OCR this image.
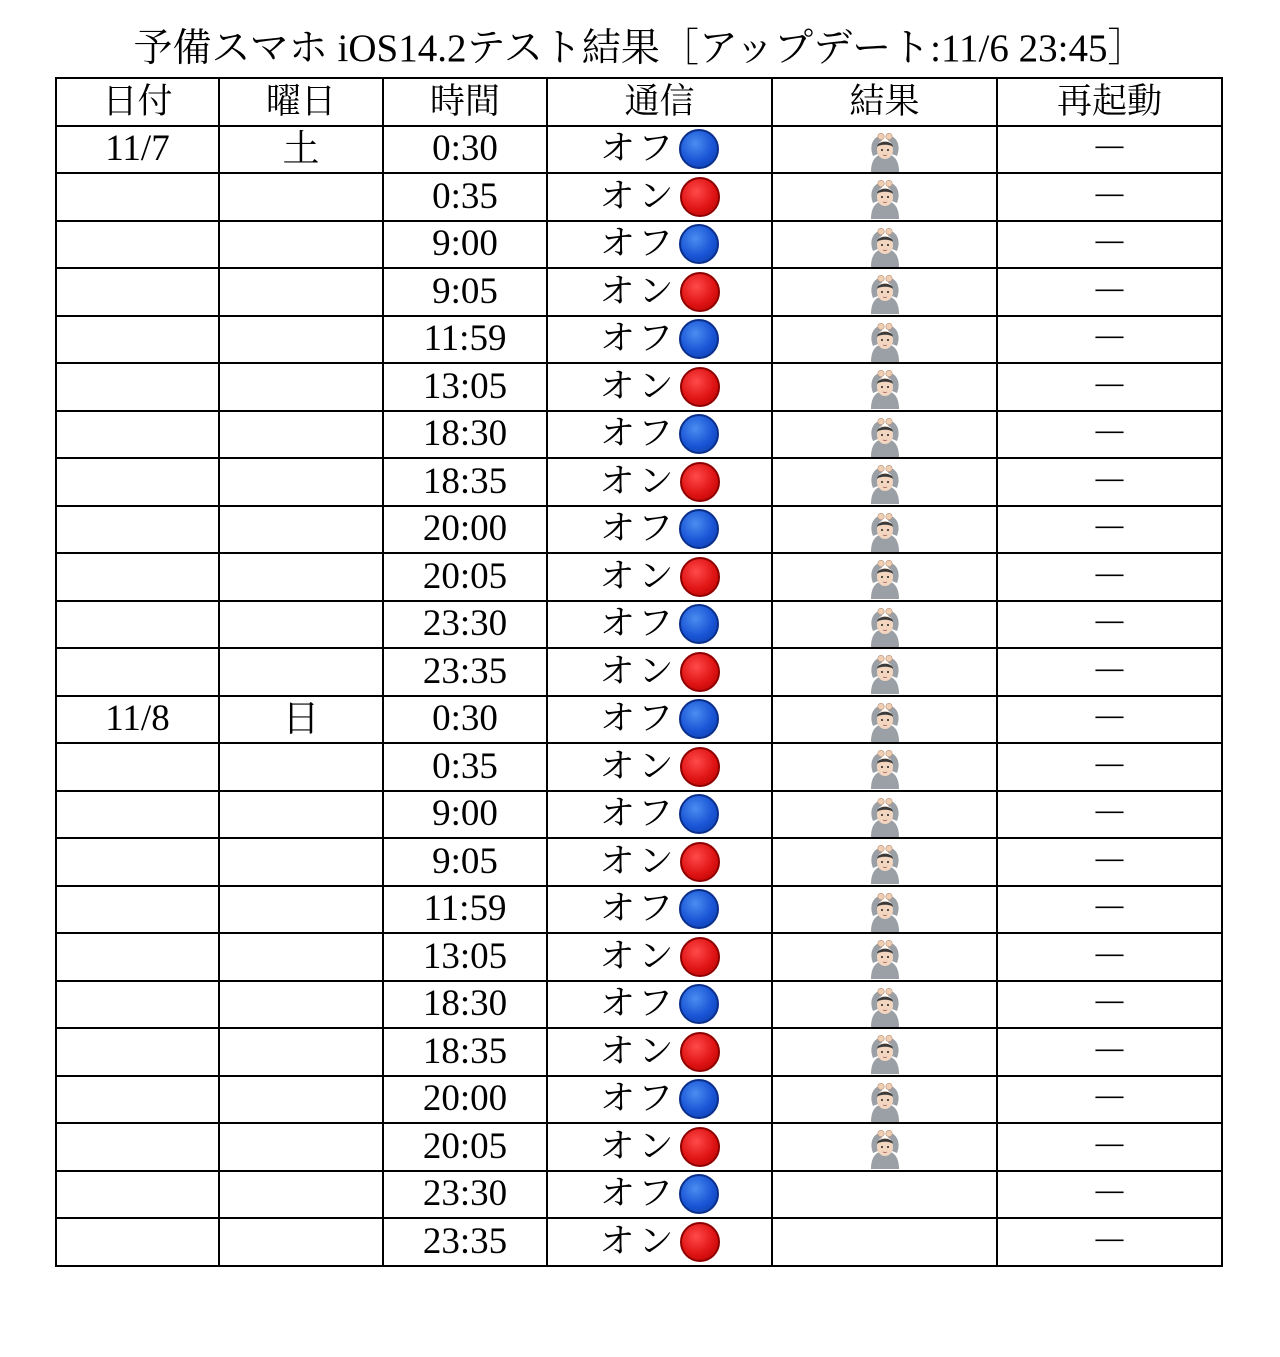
予備スマホ iOS14.2テスト結果［アップデート:11/6 23:45］
日付	曜日	時間	通信	結果	再起動
11/7	土	0:30	オフ		－
		0:35	オン		－
		9:00	オフ		－
		9:05	オン		－
		11:59	オフ		－
		13:05	オン		－
		18:30	オフ		－
		18:35	オン		－
		20:00	オフ		－
		20:05	オン		－
		23:30	オフ		－
		23:35	オン		－
11/8	日	0:30	オフ		－
		0:35	オン		－
		9:00	オフ		－
		9:05	オン		－
		11:59	オフ		－
		13:05	オン		－
		18:30	オフ		－
		18:35	オン		－
		20:00	オフ		－
		20:05	オン		－
		23:30	オフ		－
		23:35	オン		－
